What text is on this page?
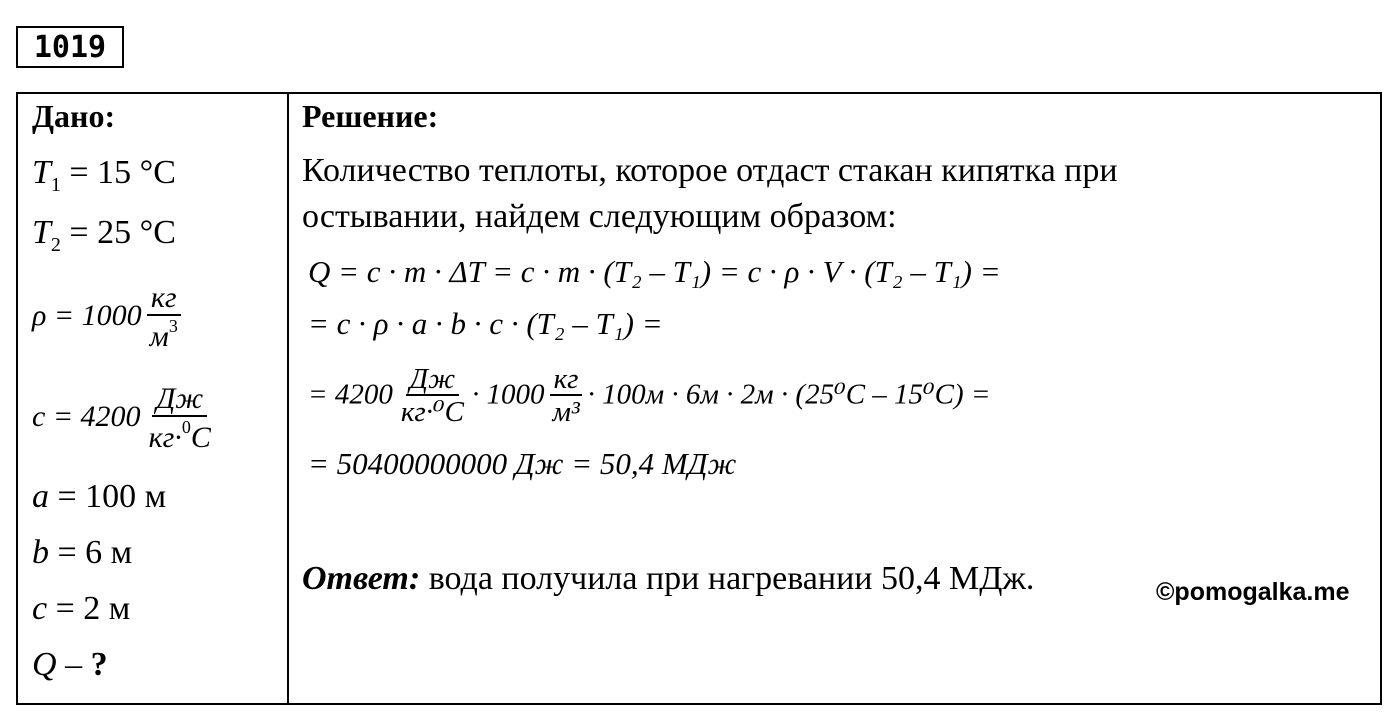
1019
Дано:
$T_1 = 15$ °C
$T_2 = 25$ °C
$\rho = 1000 \frac{кг}{м^3}$
$c = 4200 \frac{Дж}{кг\cdot^0C}$
a = 100 м
b = 6 м
c = 2 м
Q – ?
Решение:
Количество теплоты, которое отдаст стакан кипятка при
остывании, найдем следующим образом:
Q = c · m · ΔT = c · m · (T₂ – T₁) = c · ρ · V · (T₂ – T₁) =
= c · ρ · a · b · c · (T₂ – T₁) =
= $4200 \frac{Дж}{\text{кг·⁰C}} \cdot 1000 \frac{кг}{\text{м³}} \cdot 100м \cdot 6м \cdot 2м \cdot (25^0C - 15^0C)$ =
= 50400000000 Дж = 50,4 МДж
Ответ: вода получила при нагревании 50,4 МДж.	©pomogalka.me
